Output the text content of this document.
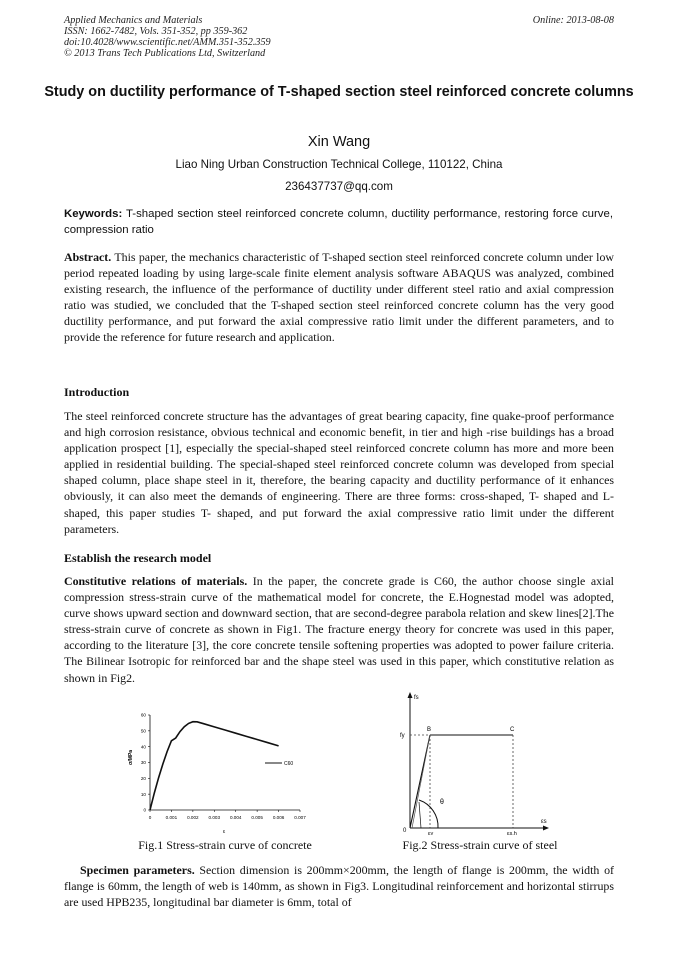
Applied Mechanics and Materials
ISSN: 1662-7482, Vols. 351-352, pp 359-362
doi:10.4028/www.scientific.net/AMM.351-352.359
© 2013 Trans Tech Publications Ltd, Switzerland
Online: 2013-08-08
Study on ductility performance of T-shaped section steel reinforced concrete columns
Xin Wang
Liao Ning Urban Construction Technical College, 110122, China
236437737@qq.com
Keywords: T-shaped section steel reinforced concrete column, ductility performance, restoring force curve, compression ratio
Abstract. This paper, the mechanics characteristic of T-shaped section steel reinforced concrete column under low period repeated loading by using large-scale finite element analysis software ABAQUS was analyzed, combined existing research, the influence of the performance of ductility under different steel ratio and axial compression ratio was studied, we concluded that the T-shaped section steel reinforced concrete column has the very good ductility performance, and put forward the axial compressive ratio limit under the different parameters, and to provide the reference for future research and application.
Introduction
The steel reinforced concrete structure has the advantages of great bearing capacity, fine quake-proof performance and high corrosion resistance, obvious technical and economic benefit, in tier and high -rise buildings has a broad application prospect [1], especially the special-shaped steel reinforced concrete column has more and more been applied in residential building. The special-shaped steel reinforced concrete column was developed from special shaped column, place shape steel in it, therefore, the bearing capacity and ductility performance of it enhances obviously, it can also meet the demands of engineering. There are three forms: cross-shaped, T- shaped and L- shaped, this paper studies T- shaped, and put forward the axial compressive ratio limit under the different parameters.
Establish the research model
Constitutive relations of materials. In the paper, the concrete grade is C60, the author choose single axial compression stress-strain curve of the mathematical model for concrete, the E.Hognestad model was adopted, curve shows upward section and downward section, that are second-degree parabola relation and skew lines[2].The stress-strain curve of concrete as shown in Fig1. The fracture energy theory for concrete was used in this paper, according to the literature [3], the core concrete tensile softening properties was adopted to power failure criteria. The Bilinear Isotropic for reinforced bar and the shape steel was used in this paper, which constitutive relation as shown in Fig2.
0	0.001 0.002 0.003 0.004 0.005 0.006 0.007
0
10
20
30
40
50
60
C60
σ/MPa
ε
fs
fy
B	C
θ
0	εy	εs,h
εs
Fig.1 Stress-strain curve of concrete	Fig.2 Stress-strain curve of steel
Specimen parameters. Section dimension is 200mm×200mm, the length of flange is 200mm, the width of flange is 60mm, the length of web is 140mm, as shown in Fig3. Longitudinal reinforcement and horizontal stirrups are used HPB235, longitudinal bar diameter is 6mm, total of
